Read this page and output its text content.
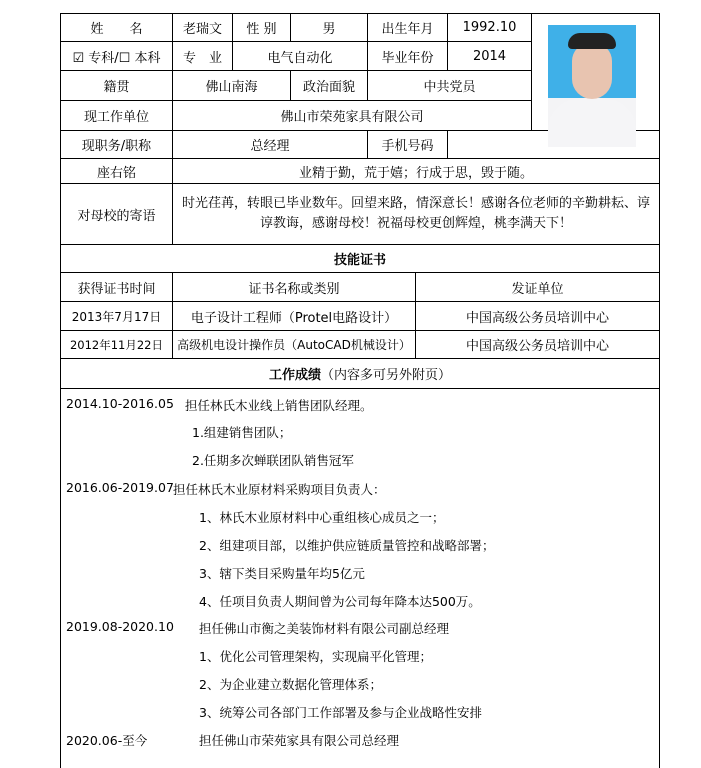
姓　　名	老瑞文	性 别	男	出生年月	1992.10
☑ 专科/☐ 本科	专　业	电气自动化	毕业年份	2014
籍贯	佛山南海	政治面貌	中共党员
现工作单位	佛山市荣苑家具有限公司
现职务/职称	总经理	手机号码
座右铭	业精于勤，荒于嬉；行成于思，毁于随。
对母校的寄语
时光荏苒，转眼已毕业数年。回望来路，情深意长！感谢各位老师的辛勤耕耘、谆谆教诲，感谢母校！祝福母校更创辉煌，桃李满天下！
技能证书
获得证书时间	证书名称或类别	发证单位
2013年7月17日	电子设计工程师（Protel电路设计）	中国高级公务员培训中心
2012年11月22日	高级机电设计操作员（AutoCAD机械设计）	中国高级公务员培训中心
工作成绩 （内容多可另外附页）
2014.10-2016.05 担任林氏木业线上销售团队经理。
1.组建销售团队；
2.任期多次蝉联团队销售冠军
2016.06-2019.07 担任林氏木业原材料采购项目负责人：
1、林氏木业原材料中心重组核心成员之一；
2、组建项目部，以维护供应链质量管控和战略部署；
3、辖下类目采购量年均5亿元
4、任项目负责人期间曾为公司每年降本达500万。
2019.08-2020.10 担任佛山市衡之美装饰材料有限公司副总经理
1、优化公司管理架构，实现扁平化管理；
2、为企业建立数据化管理体系；
3、统筹公司各部门工作部署及参与企业战略性安排
2020.06-至今	担任佛山市荣苑家具有限公司总经理
